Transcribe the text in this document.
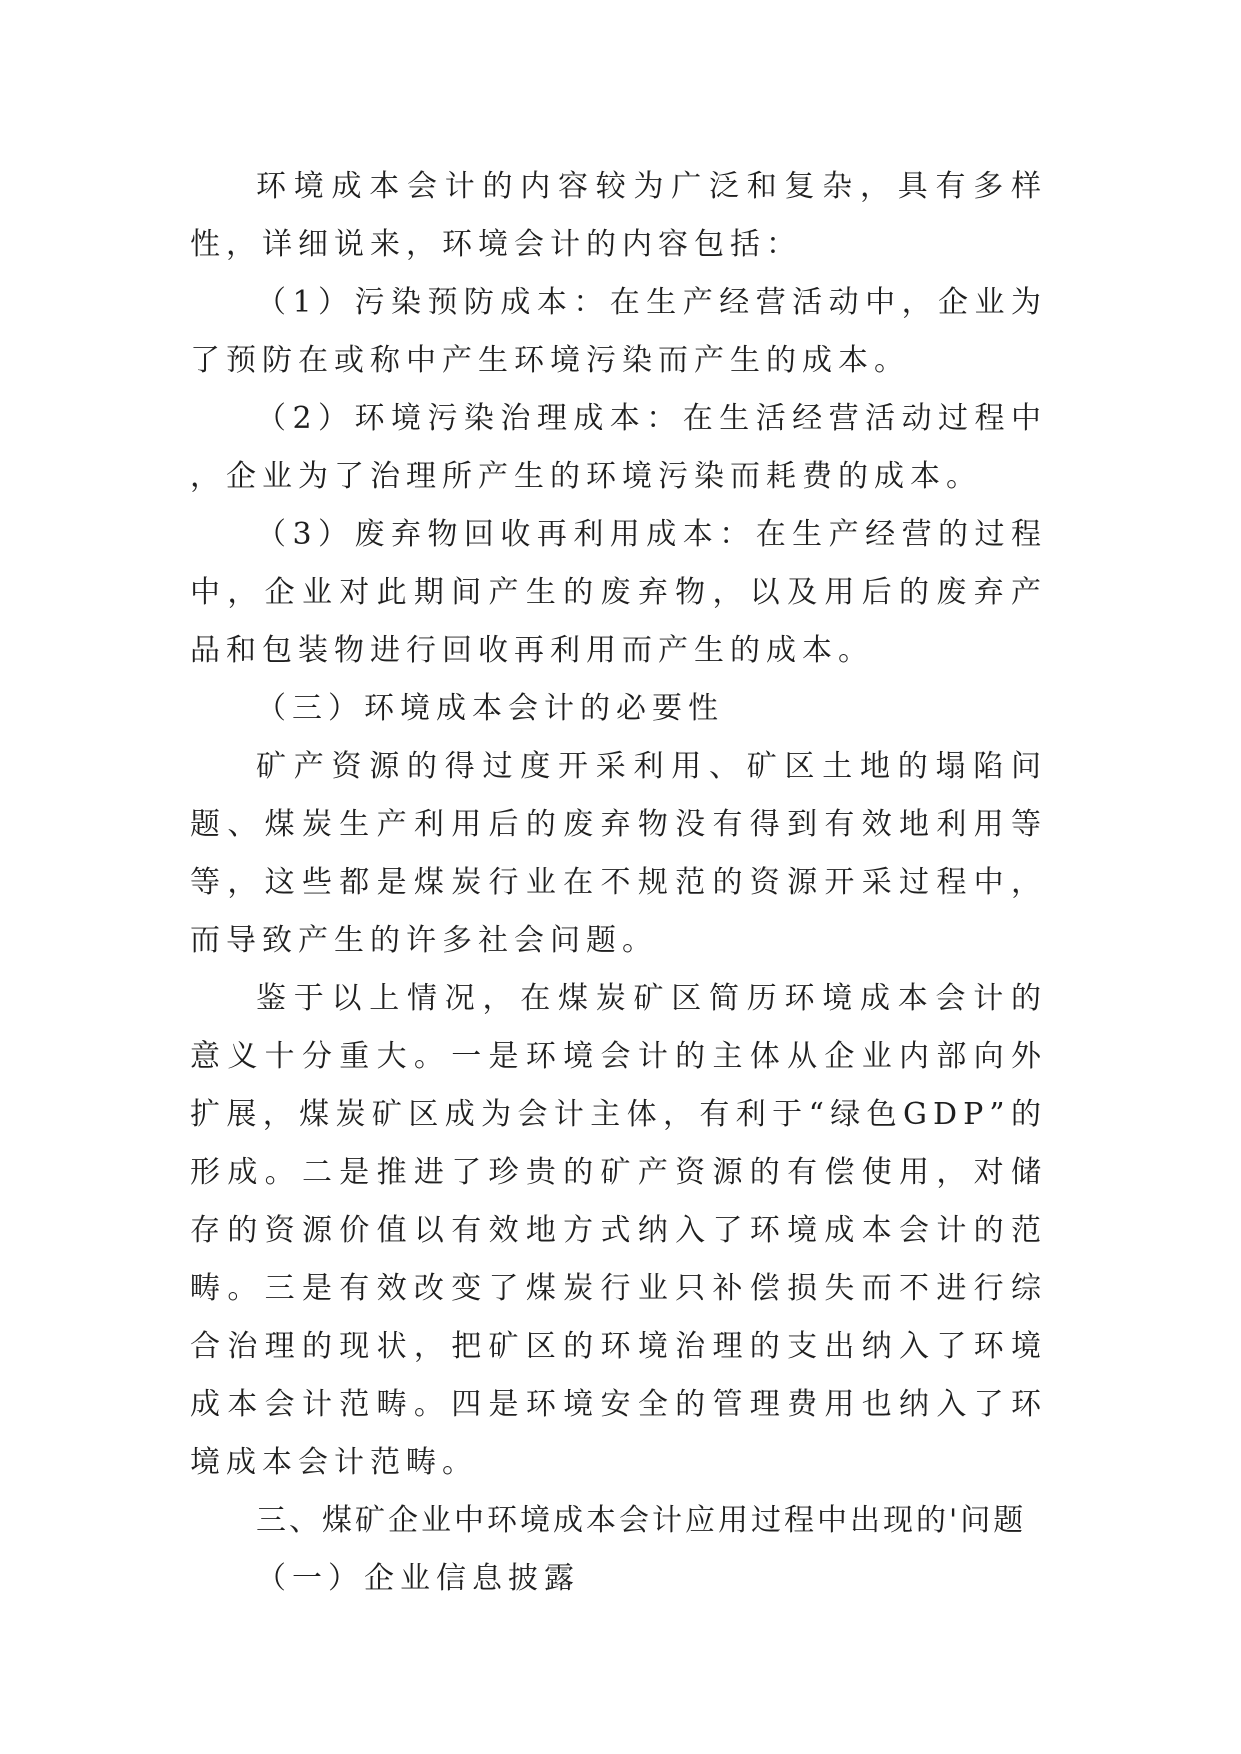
环境成本会计的内容较为广泛和复杂，具有多样性，详细说来，环境会计的内容包括：

（1）污染预防成本：在生产经营活动中，企业为了预防在或称中产生环境污染而产生的成本。

（2）环境污染治理成本：在生活经营活动过程中，企业为了治理所产生的环境污染而耗费的成本。

（3）废弃物回收再利用成本：在生产经营的过程中，企业对此期间产生的废弃物，以及用后的废弃产品和包装物进行回收再利用而产生的成本。

（三）环境成本会计的必要性

矿产资源的得过度开采利用、矿区土地的塌陷问题、煤炭生产利用后的废弃物没有得到有效地利用等等，这些都是煤炭行业在不规范的资源开采过程中，而导致产生的许多社会问题。

鉴于以上情况，在煤炭矿区简历环境成本会计的意义十分重大。一是环境会计的主体从企业内部向外扩展，煤炭矿区成为会计主体，有利于“绿色GDP”的形成。二是推进了珍贵的矿产资源的有偿使用，对储存的资源价值以有效地方式纳入了环境成本会计的范畴。三是有效改变了煤炭行业只补偿损失而不进行综合治理的现状，把矿区的环境治理的支出纳入了环境成本会计范畴。四是环境安全的管理费用也纳入了环境成本会计范畴。

三、煤矿企业中环境成本会计应用过程中出现的'问题

（一）企业信息披露
